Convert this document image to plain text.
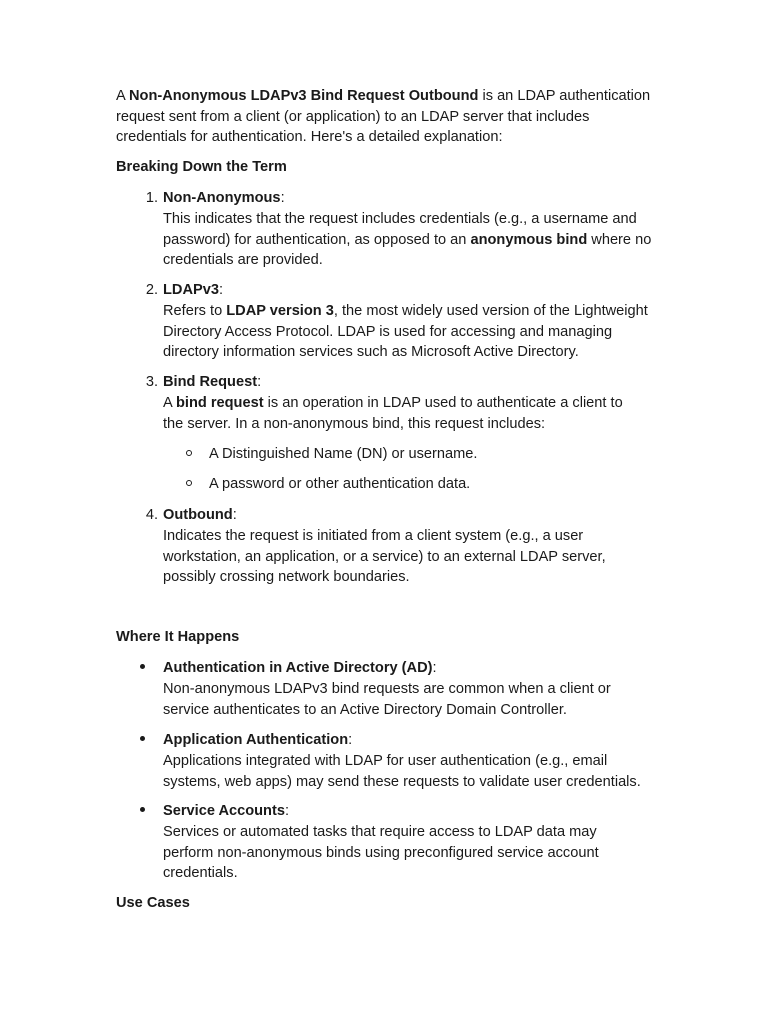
A Non-Anonymous LDAPv3 Bind Request Outbound is an LDAP authentication request sent from a client (or application) to an LDAP server that includes credentials for authentication. Here's a detailed explanation:

Breaking Down the Term

1. Non-Anonymous:

This indicates that the request includes credentials (e.g., a username and password) for authentication, as opposed to an anonymous bind where no credentials are provided.

2. LDAPv3:

Refers to LDAP version 3, the most widely used version of the Lightweight Directory Access Protocol. LDAP is used for accessing and managing directory information services such as Microsoft Active Directory.

3. Bind Request:

A bind request is an operation in LDAP used to authenticate a client to the server. In a non-anonymous bind, this request includes:

A Distinguished Name (DN) or username.

A password or other authentication data.

4. Outbound:

Indicates the request is initiated from a client system (e.g., a user workstation, an application, or a service) to an external LDAP server, possibly crossing network boundaries.

Where It Happens

Authentication in Active Directory (AD):

Non-anonymous LDAPv3 bind requests are common when a client or service authenticates to an Active Directory Domain Controller.

Application Authentication:

Applications integrated with LDAP for user authentication (e.g., email systems, web apps) may send these requests to validate user credentials.

Service Accounts:

Services or automated tasks that require access to LDAP data may perform non-anonymous binds using preconfigured service account credentials.

Use Cases
